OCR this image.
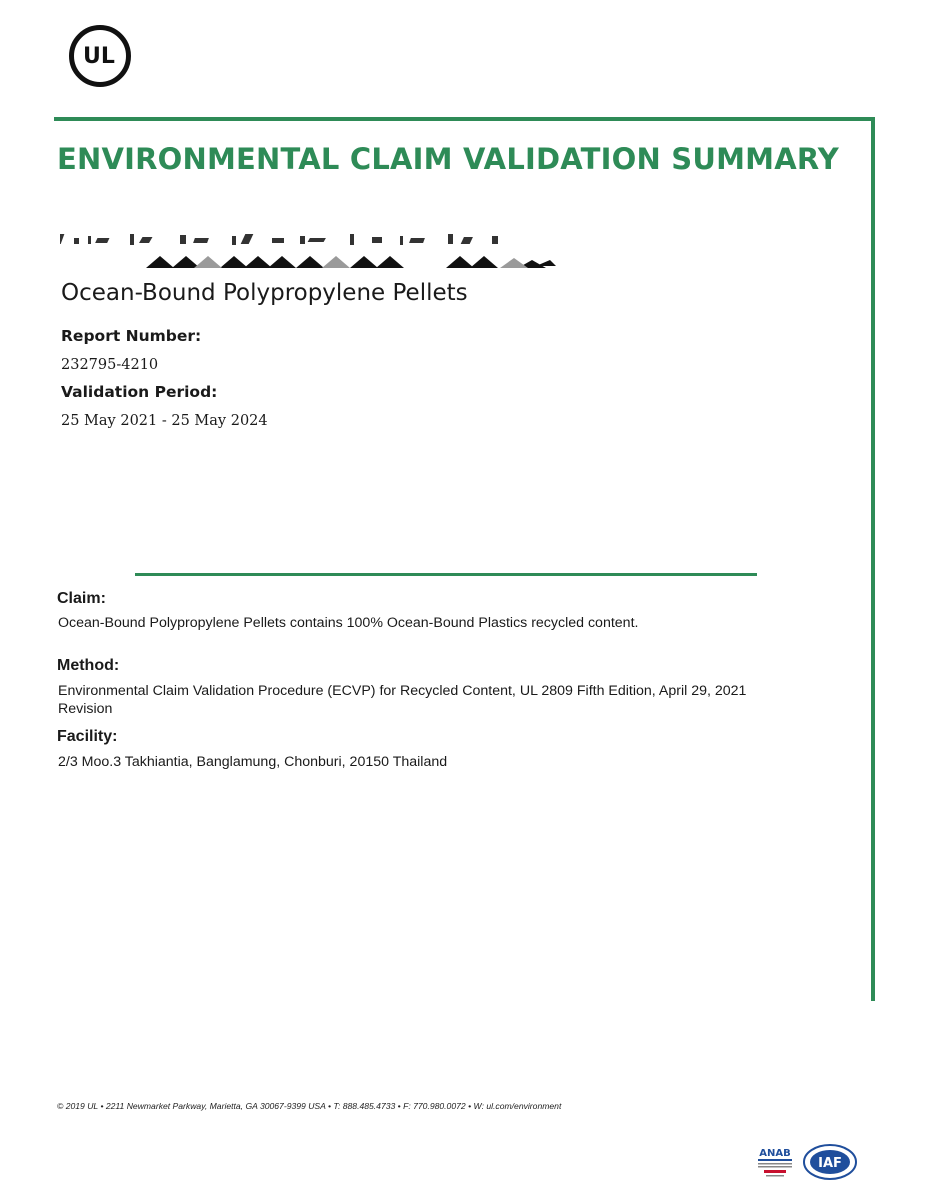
UL
ENVIRONMENTAL CLAIM VALIDATION SUMMARY
Ocean-Bound Polypropylene Pellets
Report Number:
232795-4210
Validation Period:
25 May 2021 - 25 May 2024
Claim:
Ocean-Bound Polypropylene Pellets contains 100% Ocean-Bound Plastics recycled content.
Method:
Environmental Claim Validation Procedure (ECVP) for Recycled Content, UL 2809 Fifth Edition, April 29, 2021
Revision
Facility:
2/3 Moo.3 Takhiantia, Banglamung, Chonburi, 20150 Thailand
© 2019 UL • 2211 Newmarket Parkway, Marietta, GA 30067-9399 USA • T: 888.485.4733 • F: 770.980.0072 • W: ul.com/environment
ANAB
IAF
